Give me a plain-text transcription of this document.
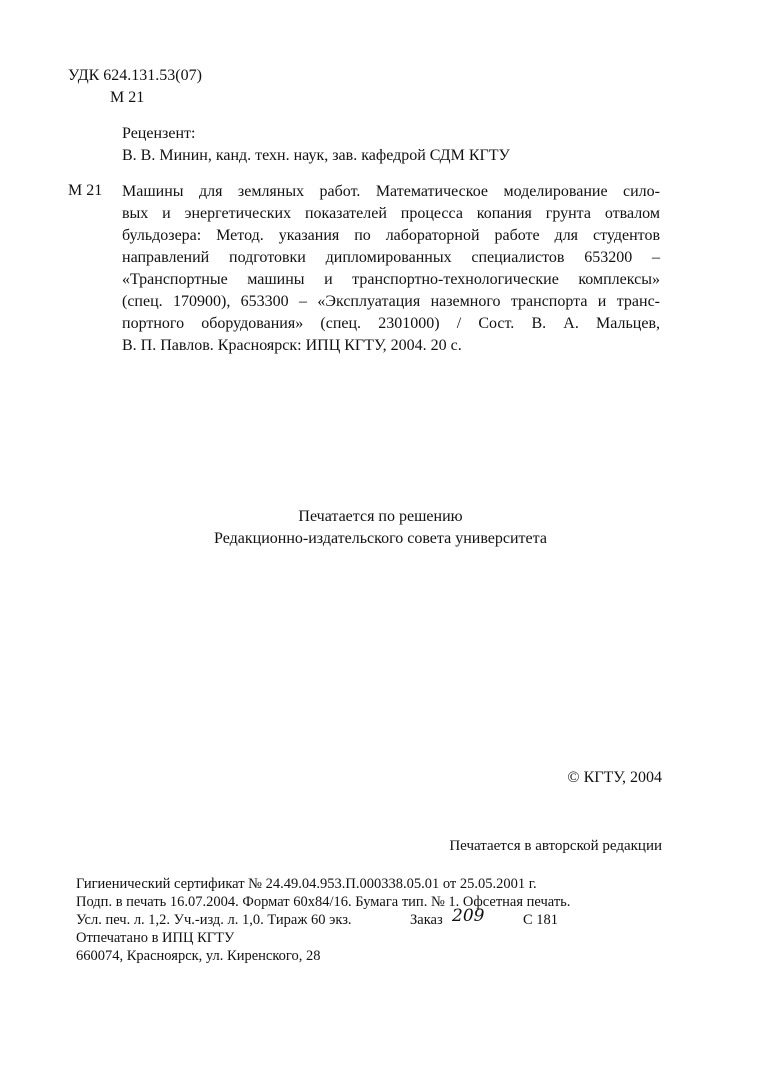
УДК 624.131.53(07)
М 21
Рецензент:
В. В. Минин, канд. техн. наук, зав. кафедрой СДМ КГТУ
М 21 Машины для земляных работ. Математическое моделирование сило-
вых и энергетических показателей процесса копания грунта отвалом
бульдозера: Метод. указания по лабораторной работе для студентов
направлений подготовки дипломированных специалистов 653200 –
«Транспортные машины и транспортно-технологические комплексы»
(спец. 170900), 653300 – «Эксплуатация наземного транспорта и транс-
портного оборудования» (спец. 2301000) / Сост. В. А. Мальцев,
В. П. Павлов. Красноярск: ИПЦ КГТУ, 2004. 20 с.
Печатается по решению
Редакционно-издательского совета университета
© КГТУ, 2004
Печатается в авторской редакции
Гигиенический сертификат № 24.49.04.953.П.000338.05.01 от 25.05.2001 г.
Подп. в печать 16.07.2004. Формат 60х84/16. Бумага тип. № 1. Офсетная печать.
Усл. печ. л. 1,2. Уч.-изд. л. 1,0. Тираж 60 экз.	Заказ 209	С 181
Отпечатано в ИПЦ КГТУ
660074, Красноярск, ул. Киренского, 28
